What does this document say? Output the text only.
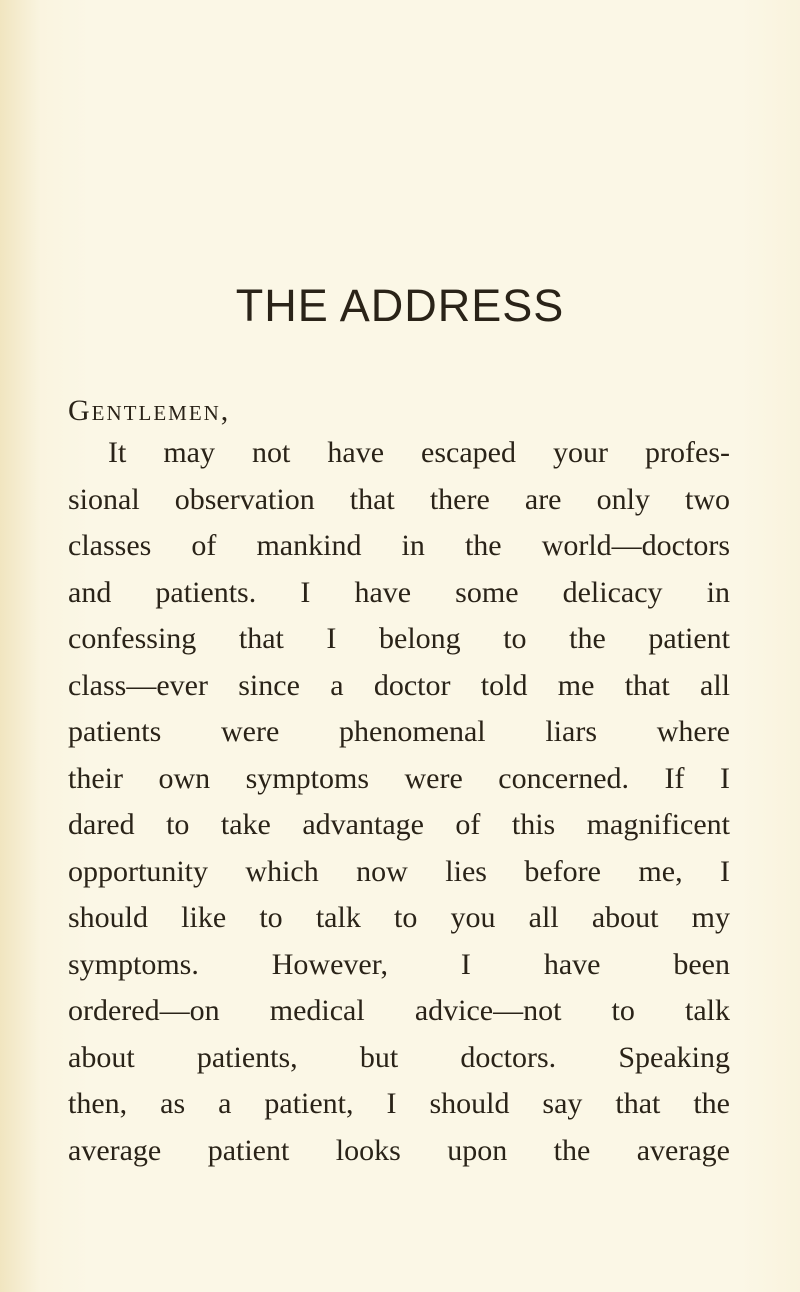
THE ADDRESS
Gentlemen,
It may not have escaped your profes-
sional observation that there are only two
classes of mankind in the world—doctors
and patients. I have some delicacy in
confessing that I belong to the patient
class—ever since a doctor told me that all
patients were phenomenal liars where
their own symptoms were concerned. If I
dared to take advantage of this magnificent
opportunity which now lies before me, I
should like to talk to you all about my
symptoms. However, I have been
ordered—on medical advice—not to talk
about patients, but doctors. Speaking
then, as a patient, I should say that the
average patient looks upon the average
